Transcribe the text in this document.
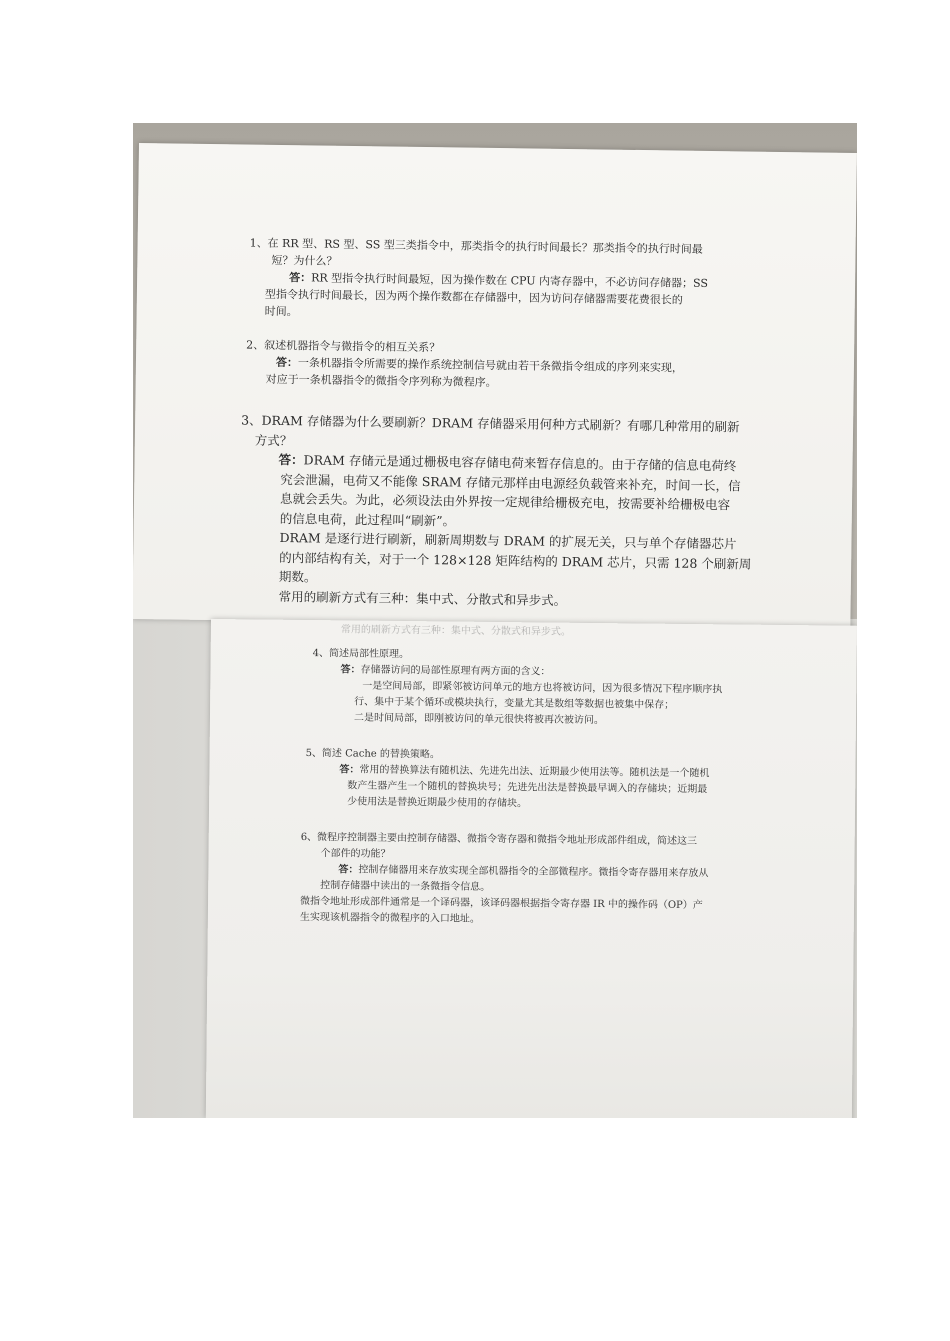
1、在 RR 型、RS 型、SS 型三类指令中，那类指令的执行时间最长？那类指令的执行时间最
短？为什么？
答：RR 型指令执行时间最短，因为操作数在 CPU 内寄存器中，不必访问存储器；SS
型指令执行时间最长，因为两个操作数都在存储器中，因为访问存储器需要花费很长的
时间。
2、叙述机器指令与微指令的相互关系？
答：一条机器指令所需要的操作系统控制信号就由若干条微指令组成的序列来实现，
对应于一条机器指令的微指令序列称为微程序。
3、DRAM 存储器为什么要刷新？DRAM 存储器采用何种方式刷新？有哪几种常用的刷新
方式？
答：DRAM 存储元是通过栅极电容存储电荷来暂存信息的。由于存储的信息电荷终
究会泄漏，电荷又不能像 SRAM 存储元那样由电源经负载管来补充，时间一长，信
息就会丢失。为此，必须设法由外界按一定规律给栅极充电，按需要补给栅极电容
的信息电荷，此过程叫“刷新”。
DRAM 是逐行进行刷新，刷新周期数与 DRAM 的扩展无关，只与单个存储器芯片
的内部结构有关，对于一个 128×128 矩阵结构的 DRAM 芯片，只需 128 个刷新周
期数。
常用的刷新方式有三种：集中式、分散式和异步式。
常用的刷新方式有三种：集中式、分散式和异步式。
4、简述局部性原理。
答：存储器访问的局部性原理有两方面的含义：
一是空间局部，即紧邻被访问单元的地方也将被访问，因为很多情况下程序顺序执
行、集中于某个循环或模块执行，变量尤其是数组等数据也被集中保存；
二是时间局部，即刚被访问的单元很快将被再次被访问。
5、简述 Cache 的替换策略。
答：常用的替换算法有随机法、先进先出法、近期最少使用法等。随机法是一个随机
数产生器产生一个随机的替换块号；先进先出法是替换最早调入的存储块；近期最
少使用法是替换近期最少使用的存储块。
6、微程序控制器主要由控制存储器、微指令寄存器和微指令地址形成部件组成，简述这三
个部件的功能？
答：控制存储器用来存放实现全部机器指令的全部微程序。微指令寄存器用来存放从
控制存储器中读出的一条微指令信息。
微指令地址形成部件通常是一个译码器，该译码器根据指令寄存器 IR 中的操作码（OP）产
生实现该机器指令的微程序的入口地址。
